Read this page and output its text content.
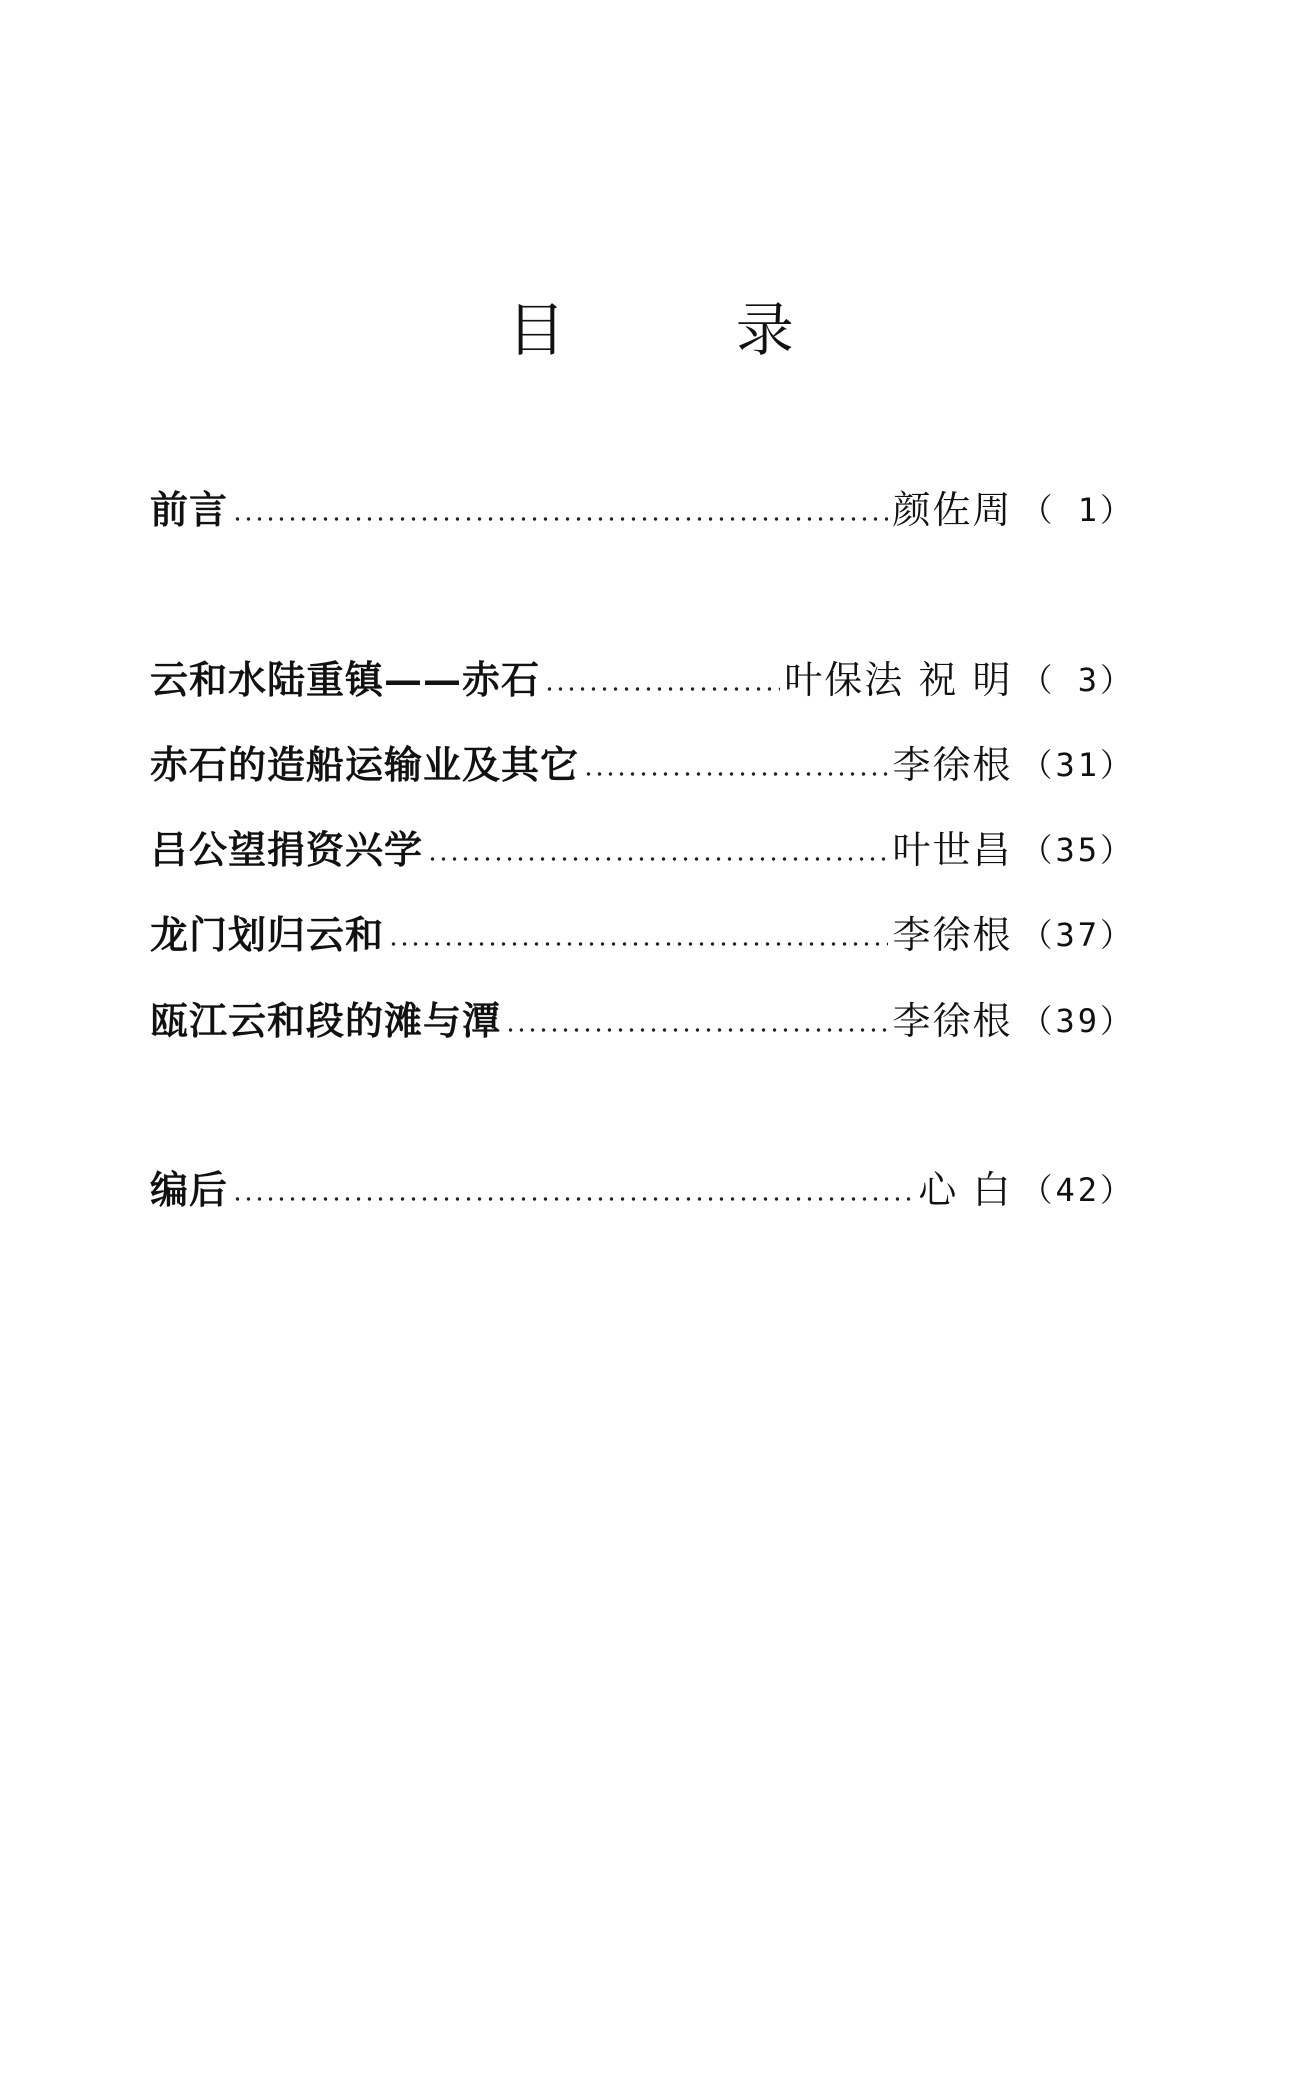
目	录
前言	颜佐周 （ 1）
云和水陆重镇——赤石	叶保法 祝 明 （ 3）
赤石的造船运输业及其它	李徐根 （31）
吕公望捐资兴学	叶世昌 （35）
龙门划归云和	李徐根 （37）
瓯江云和段的滩与潭	李徐根 （39）
编后	心 白 （42）
